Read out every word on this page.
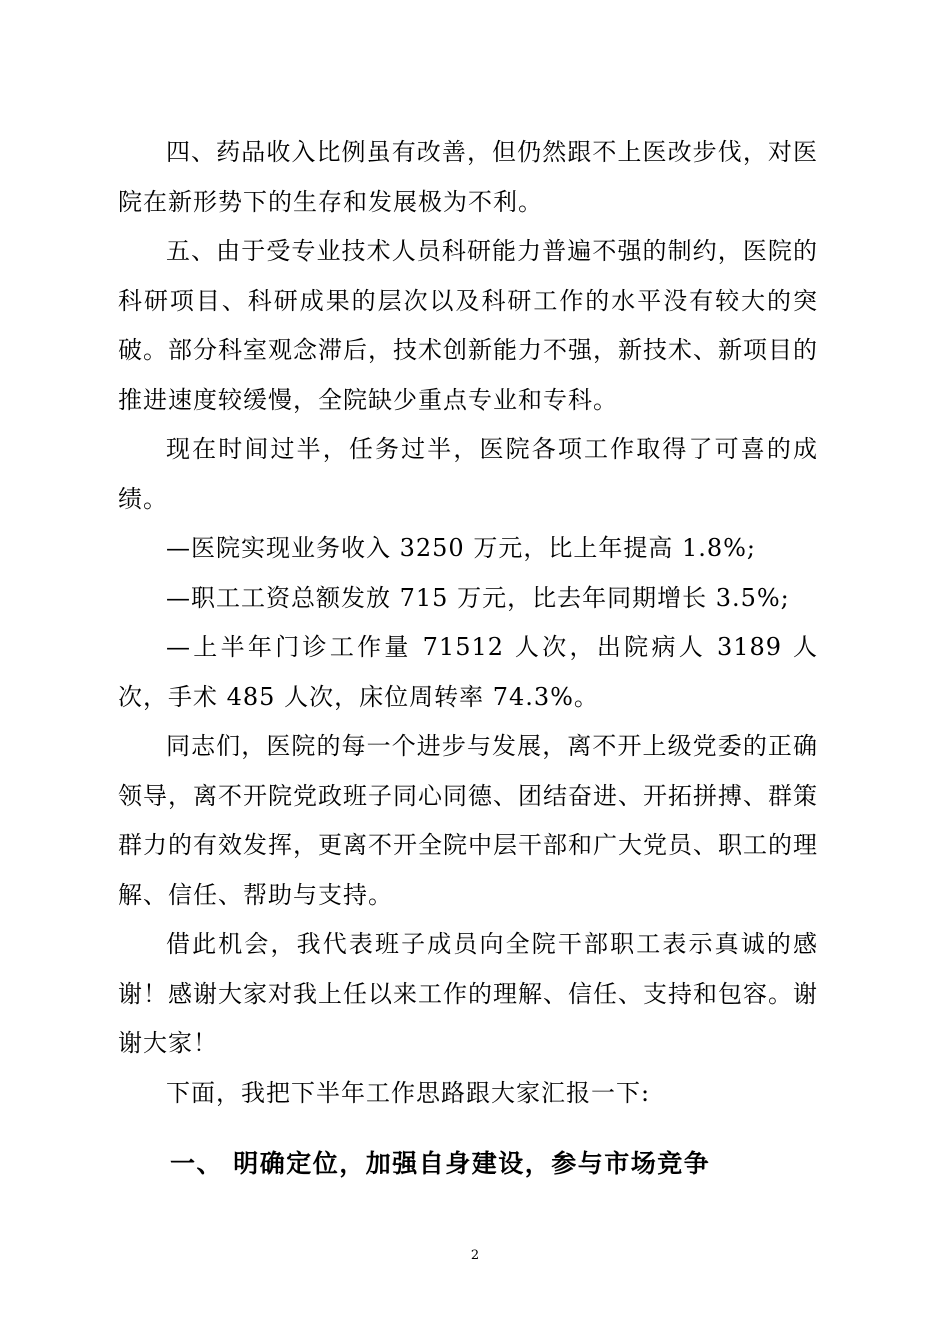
四、药品收入比例虽有改善，但仍然跟不上医改步伐，对医院在新形势下的生存和发展极为不利。

五、由于受专业技术人员科研能力普遍不强的制约，医院的科研项目、科研成果的层次以及科研工作的水平没有较大的突破。部分科室观念滞后，技术创新能力不强，新技术、新项目的推进速度较缓慢，全院缺少重点专业和专科。

现在时间过半，任务过半，医院各项工作取得了可喜的成绩。

—医院实现业务收入 3250 万元，比上年提高 1.8%;

—职工工资总额发放 715 万元，比去年同期增长 3.5%;

—上半年门诊工作量 71512 人次，出院病人 3189 人次，手术 485 人次，床位周转率 74.3%。

同志们，医院的每一个进步与发展，离不开上级党委的正确领导，离不开院党政班子同心同德、团结奋进、开拓拼搏、群策群力的有效发挥，更离不开全院中层干部和广大党员、职工的理解、信任、帮助与支持。

借此机会，我代表班子成员向全院干部职工表示真诚的感谢！感谢大家对我上任以来工作的理解、信任、支持和包容。谢谢大家！

下面，我把下半年工作思路跟大家汇报一下:

一、 明确定位，加强自身建设，参与市场竞争
2
